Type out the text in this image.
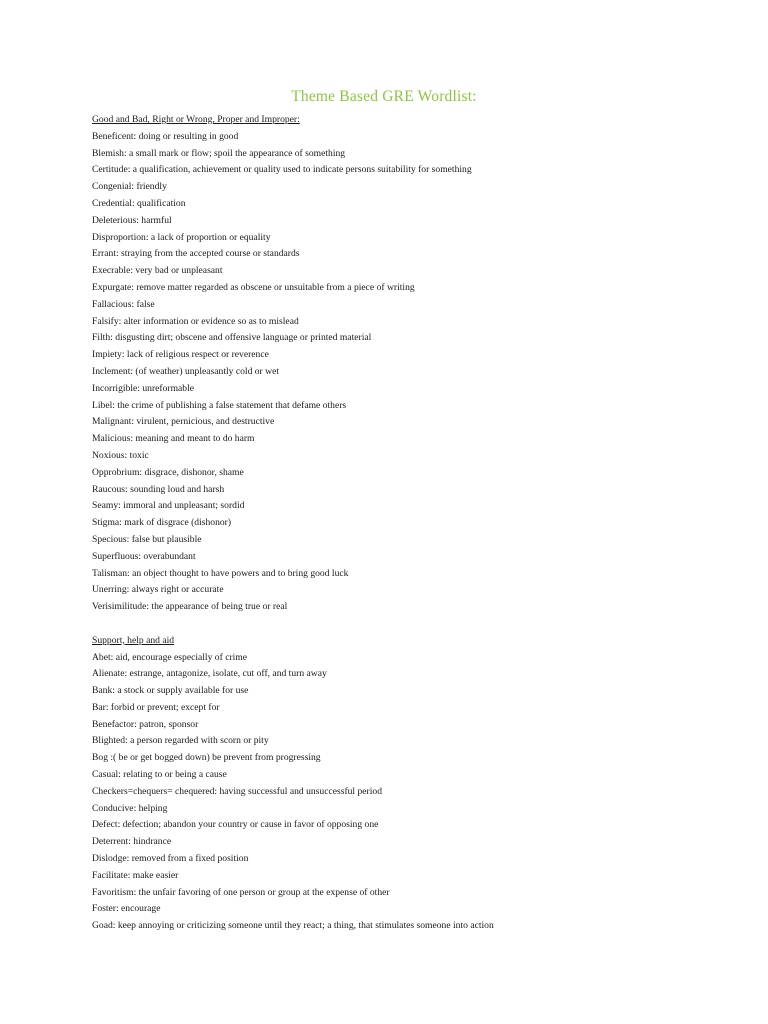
Theme Based GRE Wordlist:
Good and Bad, Right or Wrong, Proper and Improper:
Beneficent: doing or resulting in good
Blemish: a small mark or flow; spoil the appearance of something
Certitude: a qualification, achievement or quality used to indicate persons suitability for something
Congenial: friendly
Credential: qualification
Deleterious: harmful
Disproportion: a lack of proportion or equality
Errant: straying from the accepted course or standards
Execrable: very bad or unpleasant
Expurgate: remove matter regarded as obscene or unsuitable from a piece of writing
Fallacious: false
Falsify: alter information or evidence so as to mislead
Filth: disgusting dirt; obscene and offensive language or printed material
Impiety: lack of religious respect or reverence
Inclement: (of weather) unpleasantly cold or wet
Incorrigible: unreformable
Libel: the crime of publishing a false statement that defame others
Malignant: virulent, pernicious, and destructive
Malicious: meaning and meant to do harm
Noxious: toxic
Opprobrium: disgrace, dishonor, shame
Raucous: sounding loud and harsh
Seamy: immoral and unpleasant; sordid
Stigma: mark of disgrace (dishonor)
Specious: false but plausible
Superfluous: overabundant
Talisman: an object thought to have powers and to bring good luck
Unerring: always right or accurate
Verisimilitude: the appearance of being true or real
Support, help and aid
Abet: aid, encourage especially of crime
Alienate: estrange, antagonize, isolate, cut off, and turn away
Bank: a stock or supply available for use
Bar: forbid or prevent; except for
Benefactor: patron, sponsor
Blighted: a person regarded with scorn or pity
Bog :( be or get bogged down) be prevent from progressing
Casual: relating to or being a cause
Checkers=chequers= chequered: having successful and unsuccessful period
Conducive: helping
Defect: defection; abandon your country or cause in favor of opposing one
Deterrent: hindrance
Dislodge: removed from a fixed position
Facilitate: make easier
Favoritism: the unfair favoring of one person or group at the expense of other
Foster: encourage
Goad: keep annoying or criticizing someone until they react; a thing, that stimulates someone into action
